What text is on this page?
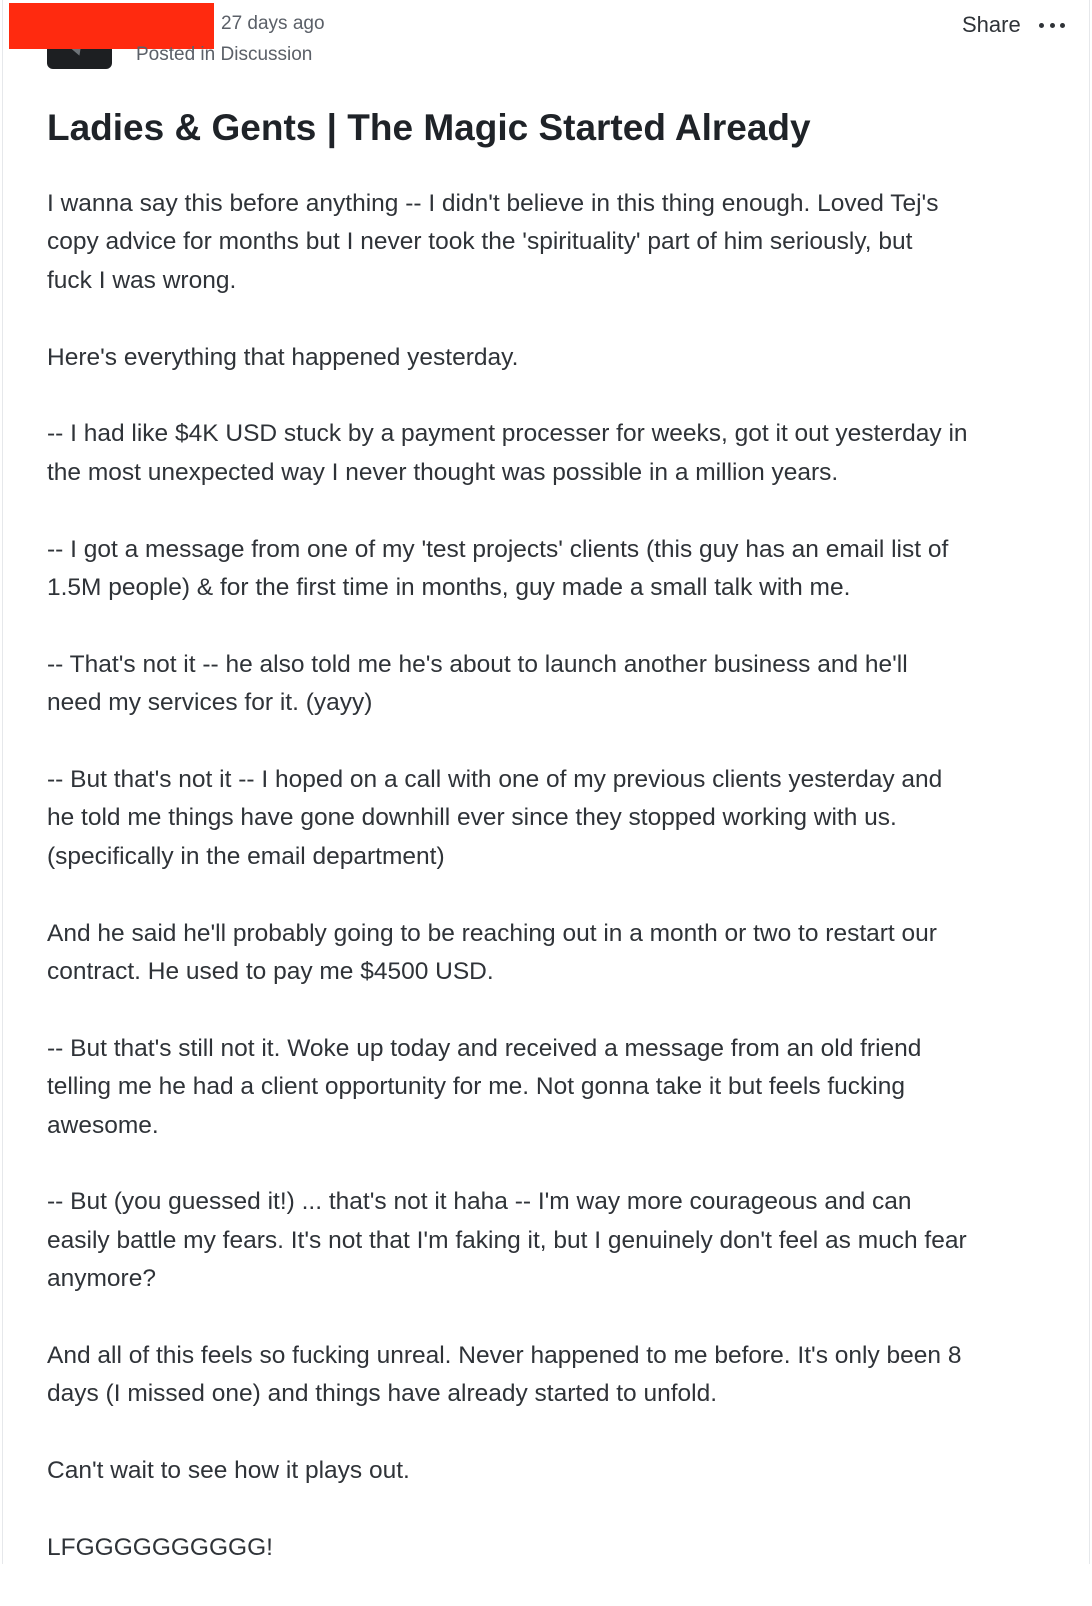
27 days ago
Posted in Discussion
Share
Ladies & Gents | The Magic Started Already

I wanna say this before anything -- I didn't believe in this thing enough. Loved Tej's
copy advice for months but I never took the 'spirituality' part of him seriously, but
fuck I was wrong.

Here's everything that happened yesterday.

-- I had like $4K USD stuck by a payment processer for weeks, got it out yesterday in
the most unexpected way I never thought was possible in a million years.

-- I got a message from one of my 'test projects' clients (this guy has an email list of
1.5M people) & for the first time in months, guy made a small talk with me.

-- That's not it -- he also told me he's about to launch another business and he'll
need my services for it. (yayy)

-- But that's not it -- I hoped on a call with one of my previous clients yesterday and
he told me things have gone downhill ever since they stopped working with us.
(specifically in the email department)

And he said he'll probably going to be reaching out in a month or two to restart our
contract. He used to pay me $4500 USD.

-- But that's still not it. Woke up today and received a message from an old friend
telling me he had a client opportunity for me. Not gonna take it but feels fucking
awesome.

-- But (you guessed it!) ... that's not it haha -- I'm way more courageous and can
easily battle my fears. It's not that I'm faking it, but I genuinely don't feel as much fear
anymore?

And all of this feels so fucking unreal. Never happened to me before. It's only been 8
days (I missed one) and things have already started to unfold.

Can't wait to see how it plays out.

LFGGGGGGGGGG!
